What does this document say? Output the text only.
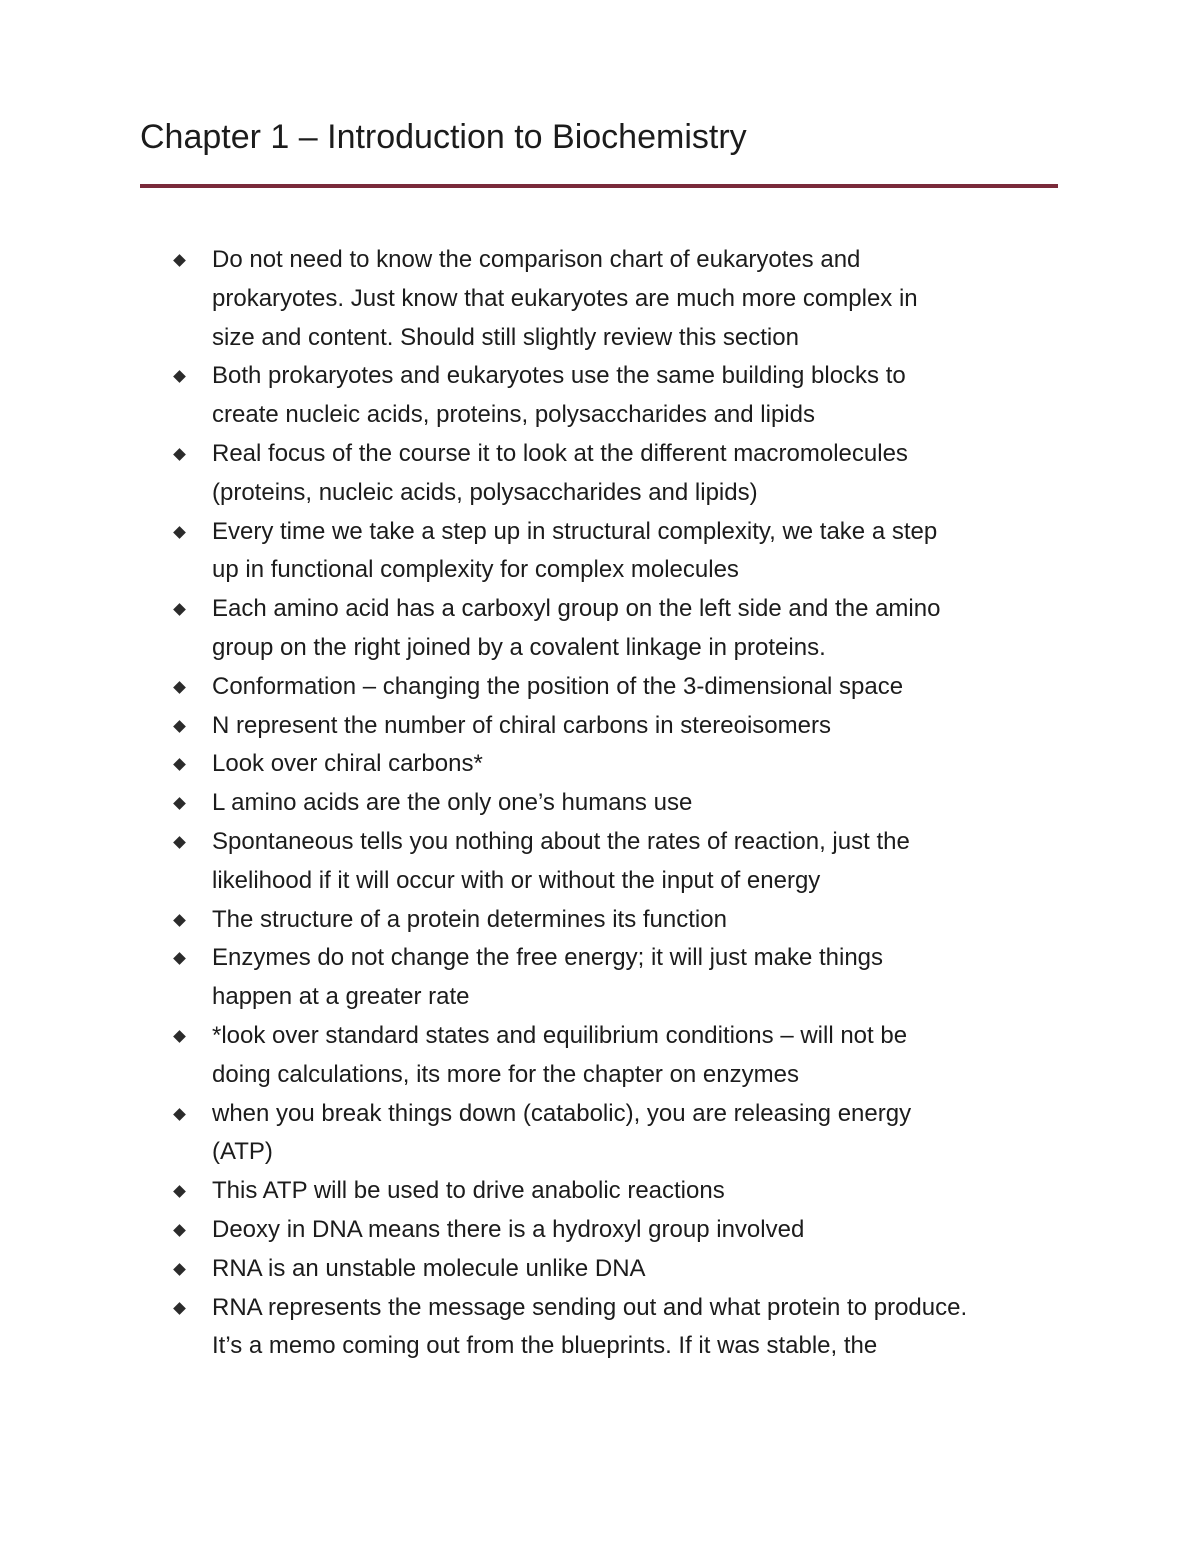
Chapter 1 – Introduction to Biochemistry
Do not need to know the comparison chart of eukaryotes and
prokaryotes. Just know that eukaryotes are much more complex in
size and content. Should still slightly review this section
Both prokaryotes and eukaryotes use the same building blocks to
create nucleic acids, proteins, polysaccharides and lipids
Real focus of the course it to look at the different macromolecules
(proteins, nucleic acids, polysaccharides and lipids)
Every time we take a step up in structural complexity, we take a step
up in functional complexity for complex molecules
Each amino acid has a carboxyl group on the left side and the amino
group on the right joined by a covalent linkage in proteins.
Conformation – changing the position of the 3-dimensional space
N represent the number of chiral carbons in stereoisomers
Look over chiral carbons*
L amino acids are the only one’s humans use
Spontaneous tells you nothing about the rates of reaction, just the
likelihood if it will occur with or without the input of energy
The structure of a protein determines its function
Enzymes do not change the free energy; it will just make things
happen at a greater rate
*look over standard states and equilibrium conditions – will not be
doing calculations, its more for the chapter on enzymes
when you break things down (catabolic), you are releasing energy
(ATP)
This ATP will be used to drive anabolic reactions
Deoxy in DNA means there is a hydroxyl group involved
RNA is an unstable molecule unlike DNA
RNA represents the message sending out and what protein to produce.
It’s a memo coming out from the blueprints. If it was stable, the
